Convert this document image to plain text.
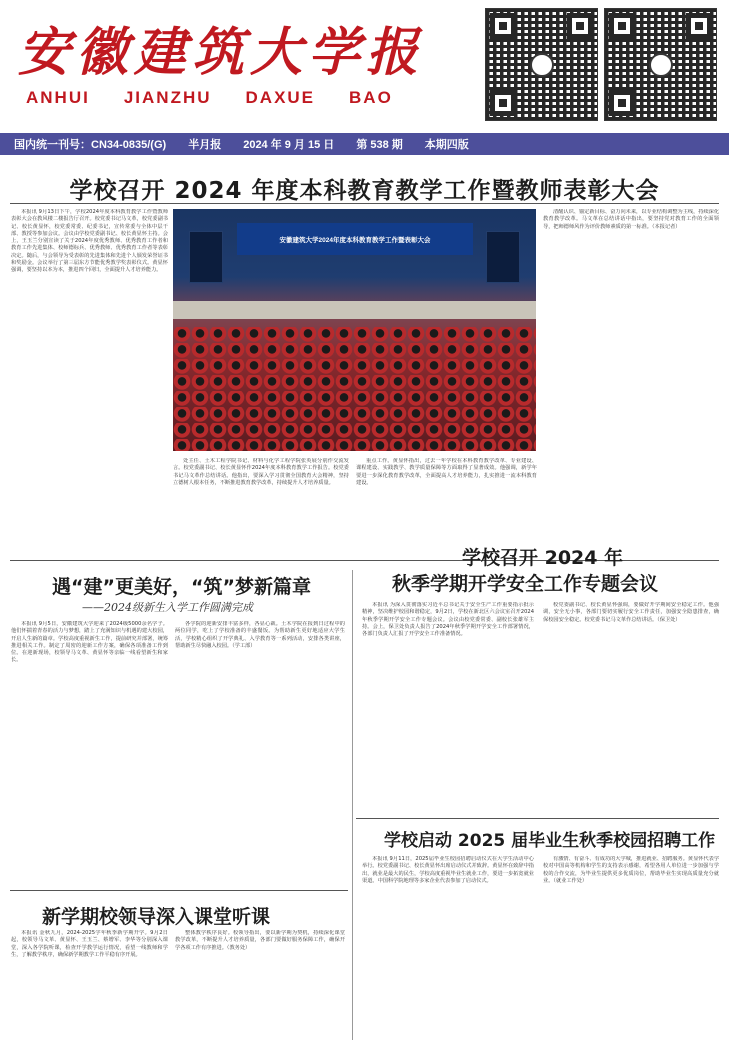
安徽建筑大学报
ANHUI JIANZHU DAXUE BAO
国内统一刊号：CN34-0835/(G) 半月报 2024 年 9 月 15 日 第 538 期 本期四版
学校召开 2024 年度本科教育教学工作暨教师表彰大会

本报讯 9月13日下午，学校2024年度本科教育教学工作暨教师表彰大会在教风楼二楼报告厅召开。校党委书记马文革，校党委副书记、校长黄显怀，校党委常委、纪委书记，宣传常委与全体中层干部、教授等参加会议。会议由学校党委副书记、校长黄显怀主持。会上，王玉兰分别宣读了关于2024年度优秀教师、优秀教育工作者和教育工作先进集体、校师德标兵、优秀教师、优秀教育工作者等表彰决定。随后，与会领导为受表彰的先进集体和先进个人颁发荣誉证书和奖励金。会议举行了第三届东方节能优秀教学奖表彰仪式。黄显怀强调，要坚持以本为本，推进四个回归，全面提升人才培养能力。

安徽建筑大学2024年度本科教育教学工作暨表彰大会

处主任、土木工程学院书记、材料与化学工程学院张英展分别作交流发言。校党委副书记、校长黄显怀作2024年度本科教育教学工作报告。校党委书记马文革作总结讲话。他指出，要深入学习贯彻全国教育大会精神，坚持立德树人根本任务，不断推进教育教学改革，持续提升人才培养质量。

重点工作。黄显怀指出，过去一年学校在本科教育教学改革、专业建设、课程建设、实践教学、教学质量保障等方面取得了显著成效。他强调，新学年要进一步深化教育教学改革，全面提高人才培养能力，扎实推进一流本科教育建设。

清醒认识、锚定新目标、奋力向未来，以专业结构调整为主线，持续深化教育教学改革。马文革在总结讲话中指出，要坚持党对教育工作的全面领导，把师德师风作为评价教师素质的第一标准。（本报记者）

遇“建”更美好，“筑”梦新篇章
——2024级新生入学工作圆满完成

本报讯 9月5日，安徽建筑大学迎来了2024级5000余名学子。他们怀揣着青春的活力与梦想，踏上了充满知识与机遇的建大校园，开启人生新的篇章。学校高度重视新生工作，提前研究并部署，统筹推进相关工作。制定了周密的迎新工作方案，确保各项准备工作到位。在迎新现场，校领导马文革、黄显怀等亲临一线看望新生和家长。

各学院的迎新安排丰富多样，各显心裁。土木学院在报到日过程中的两位同学，吃上了学校准备的丰盛餐饭。为帮助新生更好地适应大学生活，学校精心组织了开学典礼、入学教育等一系列活动，安排各类讲座，帮助新生尽快融入校园。（学工部）

学校召开 2024 年
秋季学期开学安全工作专题会议

本报讯 为深入贯彻落实习近平总书记关于安全生产工作重要指示批示精神，坚决维护校园和谐稳定，9月2日，学校在新北区六会议室召开2024年秋季学期开学安全工作专题会议。会议由校党委常委、副校长张雄军主持。会上，保卫处负责人报告了2024年秋季学期开学安全工作部署情况，各部门负责人汇报了开学安全工作准备情况。

校党委副书记、校长黄显怀强调，要做好开学期间安全稳定工作。他强调，安全无小事，各部门要切实履行安全工作责任，加强安全隐患排查，确保校园安全稳定。校党委书记马文革作总结讲话。（保卫处）

学校启动 2025 届毕业生秋季校园招聘工作

本报讯 9月11日，2025届毕业生校园招聘启动仪式在大学生活动中心举行。校党委副书记、校长黄显怀出席启动仪式并致辞。黄显怀在致辞中指出，就业是最大的民生，学校高度重视毕业生就业工作，要进一步拓宽就业渠道。中国科学院地理等多家企业代表参加了启动仪式。

有激情、有奋斗、有成功的大学城，推进就业、招聘服务。黄显怀代表学校对中国高等机构和学生的支持表示感谢，希望各用人单位进一步加强与学校的合作交流，为毕业生提供更多优质岗位，帮助毕业生实现高质量充分就业。（就业工作处）

新学期校领导深入课堂听课

本报讯 金秋九月，2024-2025学年秋季新学期开学。9月2日起，校领导马文革、黄显怀、王玉兰、蔡增军、李华等分别深入课堂，深入各学院听课，检查开学教学运行情况，看望一线教师和学生，了解教学秩序，确保新学期教学工作平稳有序开展。

整体教学秩序良好。校领导指出，要以新学期为契机，持续深化课堂教学改革，不断提升人才培养质量，各部门要做好服务保障工作，确保开学各项工作有序推进。（教务处）
